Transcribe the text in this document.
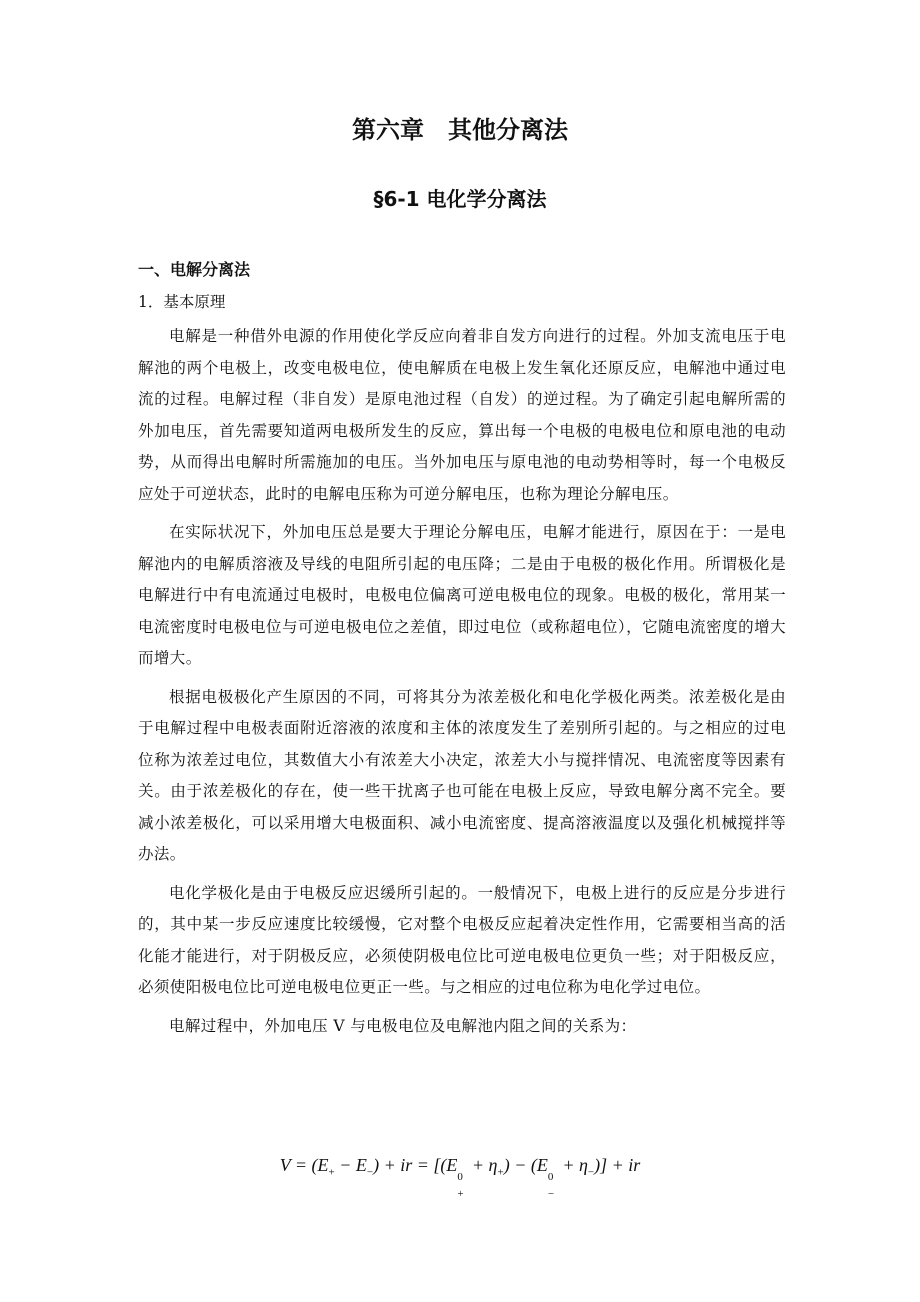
第六章　其他分离法
§6-1 电化学分离法
一、电解分离法

1．基本原理

电解是一种借外电源的作用使化学反应向着非自发方向进行的过程。外加支流电压于电解池的两个电极上，改变电极电位，使电解质在电极上发生氧化还原反应，电解池中通过电流的过程。电解过程（非自发）是原电池过程（自发）的逆过程。为了确定引起电解所需的外加电压，首先需要知道两电极所发生的反应，算出每一个电极的电极电位和原电池的电动势，从而得出电解时所需施加的电压。当外加电压与原电池的电动势相等时，每一个电极反应处于可逆状态，此时的电解电压称为可逆分解电压，也称为理论分解电压。

在实际状况下，外加电压总是要大于理论分解电压，电解才能进行，原因在于：一是电解池内的电解质溶液及导线的电阻所引起的电压降；二是由于电极的极化作用。所谓极化是电解进行中有电流通过电极时，电极电位偏离可逆电极电位的现象。电极的极化，常用某一电流密度时电极电位与可逆电极电位之差值，即过电位（或称超电位），它随电流密度的增大而增大。

根据电极极化产生原因的不同，可将其分为浓差极化和电化学极化两类。浓差极化是由于电解过程中电极表面附近溶液的浓度和主体的浓度发生了差别所引起的。与之相应的过电位称为浓差过电位，其数值大小有浓差大小决定，浓差大小与搅拌情况、电流密度等因素有关。由于浓差极化的存在，使一些干扰离子也可能在电极上反应，导致电解分离不完全。要减小浓差极化，可以采用增大电极面积、减小电流密度、提高溶液温度以及强化机械搅拌等办法。

电化学极化是由于电极反应迟缓所引起的。一般情况下，电极上进行的反应是分步进行的，其中某一步反应速度比较缓慢，它对整个电极反应起着决定性作用，它需要相当高的活化能才能进行，对于阴极反应，必须使阴极电位比可逆电极电位更负一些；对于阳极反应，必须使阳极电位比可逆电极电位更正一些。与之相应的过电位称为电化学过电位。

电解过程中，外加电压 V 与电极电位及电解池内阻之间的关系为：

$V = (E_+ - E_-)$ + ir = [(E
0
+
+ $\eta_+) - (E$
0
−
+ $\eta_-$)] + ir
